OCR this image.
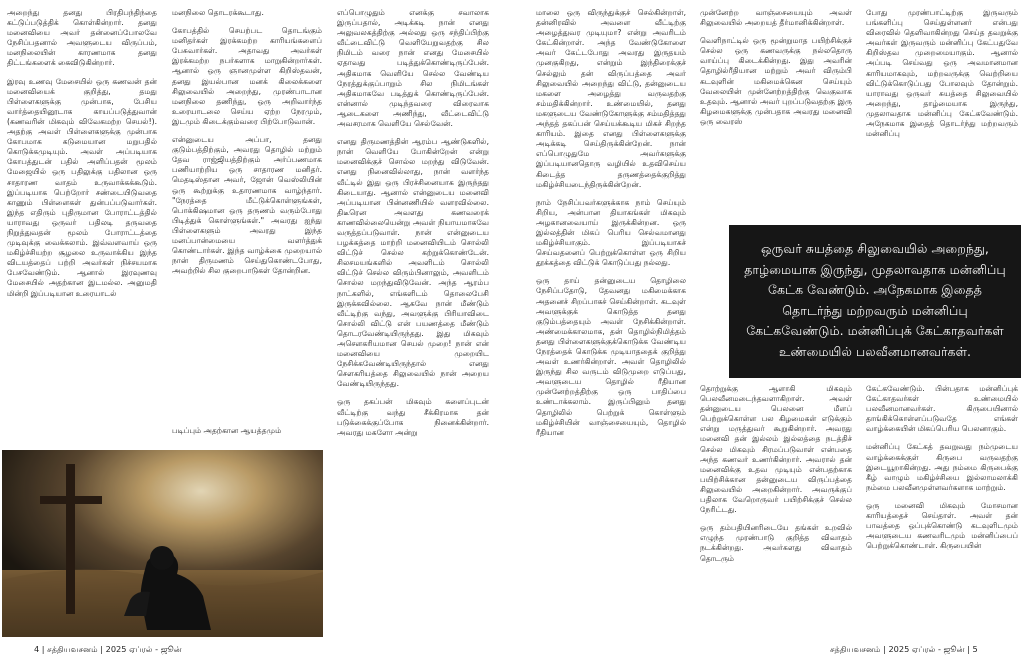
அறைந்து தனது பிரதிபந்திந்தை கட்டுப்படுத்திக் கொள்கின்றார். தனது மனைவியை அவர் தன்னைப்போலவே நேசிப்பதனால் அவளுடைய விருப்பம், மனநிலையின் காரணமாக தனது திட்டங்களைக் கைவிடுகின்றார்.

இரவு உணவு மேசையில் ஒரு கணவன் தன் மனைவியைக் குறித்து, தமது பிள்ளைகளுக்கு முன்பாக, பேசிய வார்த்தையினூடாக காயப்படுத்துவான் (கணவரின் மிகவும் விவேகமற்ற செயல்!). அதற்கு அவள் பிள்ளைகளுக்கு முன்பாக கோபமாக கடுமையான மறுபதில் கொடுக்கமுடியும். அவள் அப்படியாக கோபத்துடன் பதில் அளிப்பதன் மூலம் மேஜையில் ஒரு பதிலுக்கு பதிலான ஒரு சாதாரண வாதம் உருவாக்கக்கூடும். இப்படியாக பெற்றோர் சண்டையிடுவதை காணும் பிள்ளைகள் துன்பப்படுவார்கள். இந்த எதிரும் புதிருமான போராட்டத்தில் யாராவது ஒருவர் பதிலடி தருவதை நிறுத்துவதன் மூலம் போராட்டத்தை முடிவுக்கு வைக்கலாம். இவ்வளவாய் ஒரு மகிழ்ச்சியற்ற சூழலை உருவாக்கிய இந்த விடயத்தைப் பற்றி அவர்கள் நிச்சயமாக பேசவேண்டும். ஆனால் இரவுணவு மேசையில் அதற்கான இடமல்ல. அனுமதி மின்றி இப்படியான உரையாடல்

மனநிலை தொடரக்கூடாது.

கோபத்தில் செயற்பட தொடங்கும் மனிதர்கள் இரக்கமற்ற காரியங்களைப் பேசுவார்கள். அதாவது அவர்கள் இரக்கமற்ற நபர்களாக மாறுகின்றார்கள். ஆனால் ஒரு ஞானமுள்ள கிறிஸ்தவன், தனது இயல்பான மனக் கிலைக்களை சிலுவையில் அறைந்து, முரண்பாடான மனநிலை தணிந்து, ஒரு அறிவார்ந்த உரையாடலை செய்ய ஏற்ற நேரமும், இடமும் கிடைக்கும்வரை பிற்போடுவான்.

என்னுடைய அப்பா, தனது குடும்பத்திற்கும், அவரது தொழில் மற்றும் தேவ ராஜ்ஜியத்திற்கும் அர்ப்பணமாக பணியாற்றிய ஒரு சாதாரண மனிதர். மெதடிஸ்தான அவர், ஜோன் வெஸ்லியின் ஒரு கூற்றுக்கு உதாரணமாக வாழ்ந்தார். "நேரத்தை மீட்டுக்கொள்ளுங்கள், பொக்கிஷமான ஒரு தருணம் வரும்போது பிடித்துக் கொள்ளுங்கள்." அவரது ஐந்து பிள்ளைகளும் அவரது இந்த மனப்பான்மையை வளர்த்துக் கொண்டார்கள். இந்த வாழ்க்கை முறையால் நான் திருமணம் செய்துகொண்டபோது, அவற்றில் சில குறைபாடுகள் தோன்றின.

படிப்பும் அதற்கான ஆயத்தமும்

எப்பொழுதும் எனக்கு சவாலாக இருப்பதால், அடிக்கடி நான் எனது அலுவலகத்திற்கு அல்லது ஒரு சந்திப்பிற்கு வீட்டைவிட்டு வெளியேறுவதற்கு சில நிமிடம் வரை நான் எனது மேசையில் ஏதாவது படித்துக்கொண்டிருப்பேன். அதிகமாக வெளியே செல்ல வேண்டிய நேரத்துக்குப்பாறும் சில நிமிடங்கள் அதிகமாகவே படித்துக் கொண்டிருப்பேன். என்னால் முடிந்தவரை விரைவாக ஆடைகளை அணிந்து, வீட்டைவிட்டு அவசரமாக வெளியே செல்வேன்.

எனது திருமணத்தின் ஆரம்ப ஆண்டுகளில், நான் வெளியே போகின்றேன் என்று மனைவிக்குச் சொல்ல மறந்து விடுவேன். எனது நினைவில்லாது, நான் வளர்ந்த வீட்டில் இது ஒரு பிரச்சினையாக இருந்தது கிடையாது. ஆனால் என்னுடைய மனைவி அப்படியான பின்னணியில் வளரவில்லை. திடீரென அவளது கணவரைக் காணவில்லையென்று அவள் நியாயமாகவே வருத்தப்படுவாள். நான் என்னுடைய பழக்கத்தை மாற்றி மனைவியிடம் சொல்லி விட்டுச் செல்ல கற்றுக்கொண்டேன். சிலசமயங்களில் அவளிடம் சொல்லி விட்டுச் செல்ல விரும்பினாலும், அவளிடம் சொல்ல மறந்துவிடுவேன். அந்த ஆரம்ப நாட்களில், எங்களிடம் தொலைபேசி இருக்கவில்லை. ஆகவே நான் மீண்டும் வீட்டிற்கு வந்து, அவளுக்கு பிரியாவிடை சொல்லி விட்டு என் பயணத்தை மீண்டும் தொடரவேண்டியிருந்தது. இது மிகவும் அசௌகரியமான செயல் முறை! நான் என் மனைவியை முறையிட நேசிக்கவேண்டியிருந்தால் எனது சௌகரியத்தை சிலுவையில் நான் அறைய வேண்டியிருந்தது.

ஒரு தகப்பன் மிகவும் களைப்புடன் வீட்டிற்கு வந்து சீக்கிரமாக தன் படுக்கைக்குப்போக நினைக்கின்றார். அவரது மகளோ அன்று

4 | சத்தியவசனம் | 2025 ஏப்ரல் - ஜூன்

மாலை ஒரு விருந்துக்குச் செல்கின்றாள், தன்னிரவில் அவளை வீட்டிற்கு அழைத்துவர முடியுமா? என்று அவரிடம் கேட்கின்றாள். அந்த வேண்டுகோளை அவர் கேட்டபோது அவரது இருதயம் முனகுகிறது, என்றும் இந்திரைக்குச் செல்லும் தன் விருப்பத்தை அவர் சிலுவையில் அறைந்து விட்டு, தன்னுடைய மகளை அழைத்து வருவதற்கு சம்மதிக்கின்றார். உண்மையில், தனது மகளுடைய வேண்டுகோளுக்கு சம்மதித்தது அந்தத் தகப்பன் செய்யக்கூடிய மிகச் சிறந்த காரியம். இதை எனது பிள்ளைகளுக்கு அடிக்கடி செய்திருக்கின்றேன். நான் எப்பொழுதுமே அவர்களுக்கு இப்படியானதொரு வழியில் உதவிசெய்ய கிடைத்த தருணத்தைக்குறித்து மகிழ்ச்சியடைந்திருக்கின்றேன்.

நாம் நேசிப்பவர்களுக்காக நாம் செய்யும் சிறிய, அன்பான தியாகங்கள் மிகவும் அழகானவையாய் இருக்கின்றன. ஒரு இல்லத்தின் மிகப் பெரிய செல்வமானது மகிழ்ச்சியாகும். இப்படியாகச் செய்வதனைப் பெற்றுக்கொள்ள ஒரு சிறிய தூக்கத்தை விட்டுக் கொடுப்பது நல்லது.

ஒரு தாய் தன்னுடைய தொழிலை நேசிப்பதோடு, தேவனது மகிமைக்காக அதனைச் சிறப்பாகச் செய்கின்றாள். கடவுள் அவளுக்குக் கொடுத்த தனது குடும்பத்தையும் அவள் நேசிக்கின்றாள். அண்மைக்காலமாக, தன் தொழில்நிமித்தம் தனது பிள்ளைகளுக்குக்கொடுக்க வேண்டிய நேரத்தைக் கொடுக்க முடியாததைக் குறித்து அவள் உணர்கின்றாள். அவள் தொழிலில் இருந்து சில வருடம் விடுமுறை எடுப்பது, அவளுடைய தொழில் ரீதியான முன்னேற்றத்திற்கு ஒரு பாதிப்பை உண்டாக்கலாம். இருப்பினும் தனது தொழிலில் பெற்றுக் கொள்ளும் மகிழ்ச்சியின் வாஞ்சையையும், தொழில் ரீதியான

முன்னேற்ற வாஞ்சையையும் அவள் சிலுவையில் அறையத் தீர்மானிக்கின்றாள்.

வெளிநாட்டில் ஒரு மூன்றுமாத பயிற்சிக்குச் செல்ல ஒரு கணவருக்கு நல்லதொரு வாய்ப்பு கிடைக்கின்றது. இது அவரின் தொழில்ரீதியான மற்றும் அவர் விரும்பி கடவுளின் மகிமைக்கென செய்யும் வேலையின் முன்னேற்றத்திற்கு வெகுவாக உதவும். ஆனால் அவர் புறப்படுவதற்கு இரு கிழமைகளுக்கு முன்பதாக அவரது மனைவி ஒரு வைரஸ்

போது முரண்பாட்டிற்கு இருவரும் பங்களிப்பு செய்துள்ளனர் என்பது விரைவில் தெளிவாகின்றது செய்த தவறுக்கு அவர்கள் இருவரும் மன்னிப்பு கேட்பதுவே கிறிஸ்தவ முறைமையாகும். ஆனால் அப்படி செய்வது ஒரு அவமானமான காரியமாகவும், மற்றவருக்கு வெற்றியை விட்டுக்கொடுப்பது போலவும் தோன்றும். யாராவது ஒருவர் சுயத்தை சிலுவையில் அறைந்து, தாழ்மையாக இருந்து, முதலாவதாக மன்னிப்பு கேட்கவேண்டும். அநேகமாக இதைத் தொடர்ந்து மற்றவரும் மன்னிப்பு

ஒருவர் சுயத்தை சிலுவையில் அறைந்து, தாழ்மையாக இருந்து, முதலாவதாக மன்னிப்பு கேட்க வேண்டும். அநேகமாக இதைத் தொடர்ந்து மற்றவரும் மன்னிப்பு கேட்கவேண்டும். மன்னிப்புக் கேட்காதவர்கள் உண்மையில் பலவீனமானவர்கள்.

தொற்றுக்கு ஆளாகி மிகவும் பெலவீனமடைந்தவளாகிறாள். அவள் தன்னுடைய பெலனை மீளப் பெற்றுக்கொள்ள பல கிழமைகள் எடுக்கும் என்று மருத்துவர் கூறுகின்றார். அவரது மனைவி தன் இல்லம் இல்லத்தை நடத்திச் செல்ல மிகவும் சிரமப்படுவாள் என்பதை அந்த கணவர் உணர்கின்றார். அவரால் தன் மனைவிக்கு உதவ முடியும் என்பதற்காக பயிற்சிக்கான தன்னுடைய விருப்பத்தை சிலுவையில் அறைகின்றார். அவருக்குப் பதிலாக வேறொருவர் பயிற்சிக்குச் செல்ல நேரிட்டது.

ஒரு தம்பதியினரிடையே தங்கள் உறவில் எழுந்த முரண்பாடு குறித்த விவாதம் நடக்கின்றது. அவர்களது விவாதம் தொடரும்

கேட்கவேண்டும். பின்பதாக மன்னிப்புக் கேட்காதவர்கள் உண்மையில் பலவீனமானவர்கள். கிருபையினால் தாங்கிக்கொள்ளப்படுவதே எங்கள் வாழ்க்கையின் மிகப்பெரிய பெலனாகும்.

மன்னிப்பு கேட்கத் தவறுவது நம்முடைய வாழ்க்கைக்குள் கிருபை வருவதற்கு இடையூறாகின்றது. அது நம்மை கிருபைக்கு கீழ் வாழும் மகிழ்ச்சியை இல்லாமலாக்கி நம்மை பலவீனமுள்ளவர்களாக மாற்றும்.

ஒரு மனைவி மிகவும் மோசமான காரியத்தைச் செய்தாள். அவள் தன் பாவத்தை ஒப்புக்கொண்டு கடவுளிடமும் அவளுடைய கணவரிடமும் மன்னிப்பைப் பெற்றுக்கொண்டாள். கிருபையின்

சத்தியவசனம் | 2025 ஏப்ரல் - ஜூன் | 5
